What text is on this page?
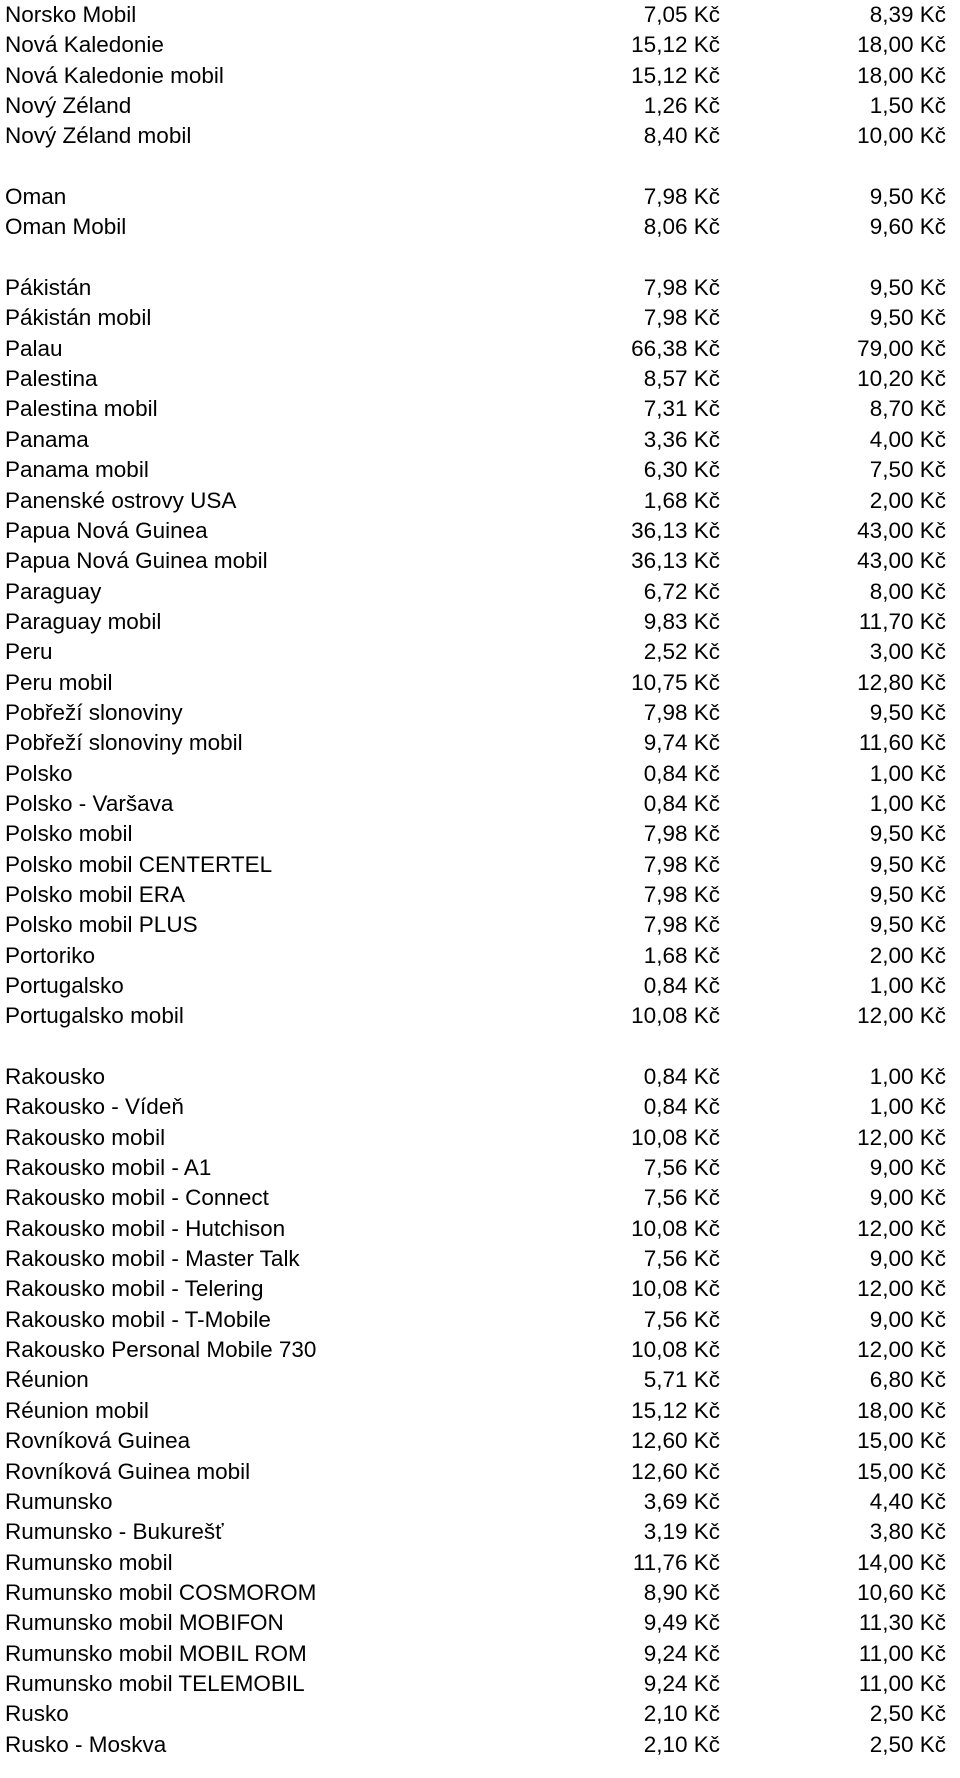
Norsko Mobil	7,05 Kč	8,39 Kč
Nová Kaledonie	15,12 Kč	18,00 Kč
Nová Kaledonie mobil	15,12 Kč	18,00 Kč
Nový Zéland	1,26 Kč	1,50 Kč
Nový Zéland mobil	8,40 Kč	10,00 Kč
Oman	7,98 Kč	9,50 Kč
Oman Mobil	8,06 Kč	9,60 Kč
Pákistán	7,98 Kč	9,50 Kč
Pákistán mobil	7,98 Kč	9,50 Kč
Palau	66,38 Kč	79,00 Kč
Palestina	8,57 Kč	10,20 Kč
Palestina mobil	7,31 Kč	8,70 Kč
Panama	3,36 Kč	4,00 Kč
Panama mobil	6,30 Kč	7,50 Kč
Panenské ostrovy USA	1,68 Kč	2,00 Kč
Papua Nová Guinea	36,13 Kč	43,00 Kč
Papua Nová Guinea mobil	36,13 Kč	43,00 Kč
Paraguay	6,72 Kč	8,00 Kč
Paraguay mobil	9,83 Kč	11,70 Kč
Peru	2,52 Kč	3,00 Kč
Peru mobil	10,75 Kč	12,80 Kč
Pobřeží slonoviny	7,98 Kč	9,50 Kč
Pobřeží slonoviny mobil	9,74 Kč	11,60 Kč
Polsko	0,84 Kč	1,00 Kč
Polsko - Varšava	0,84 Kč	1,00 Kč
Polsko mobil	7,98 Kč	9,50 Kč
Polsko mobil CENTERTEL	7,98 Kč	9,50 Kč
Polsko mobil ERA	7,98 Kč	9,50 Kč
Polsko mobil PLUS	7,98 Kč	9,50 Kč
Portoriko	1,68 Kč	2,00 Kč
Portugalsko	0,84 Kč	1,00 Kč
Portugalsko mobil	10,08 Kč	12,00 Kč
Rakousko	0,84 Kč	1,00 Kč
Rakousko - Vídeň	0,84 Kč	1,00 Kč
Rakousko mobil	10,08 Kč	12,00 Kč
Rakousko mobil - A1	7,56 Kč	9,00 Kč
Rakousko mobil - Connect	7,56 Kč	9,00 Kč
Rakousko mobil - Hutchison	10,08 Kč	12,00 Kč
Rakousko mobil - Master Talk	7,56 Kč	9,00 Kč
Rakousko mobil - Telering	10,08 Kč	12,00 Kč
Rakousko mobil - T-Mobile	7,56 Kč	9,00 Kč
Rakousko Personal Mobile 730	10,08 Kč	12,00 Kč
Réunion	5,71 Kč	6,80 Kč
Réunion mobil	15,12 Kč	18,00 Kč
Rovníková Guinea	12,60 Kč	15,00 Kč
Rovníková Guinea mobil	12,60 Kč	15,00 Kč
Rumunsko	3,69 Kč	4,40 Kč
Rumunsko - Bukurešť	3,19 Kč	3,80 Kč
Rumunsko mobil	11,76 Kč	14,00 Kč
Rumunsko mobil COSMOROM	8,90 Kč	10,60 Kč
Rumunsko mobil MOBIFON	9,49 Kč	11,30 Kč
Rumunsko mobil MOBIL ROM	9,24 Kč	11,00 Kč
Rumunsko mobil TELEMOBIL	9,24 Kč	11,00 Kč
Rusko	2,10 Kč	2,50 Kč
Rusko - Moskva	2,10 Kč	2,50 Kč
